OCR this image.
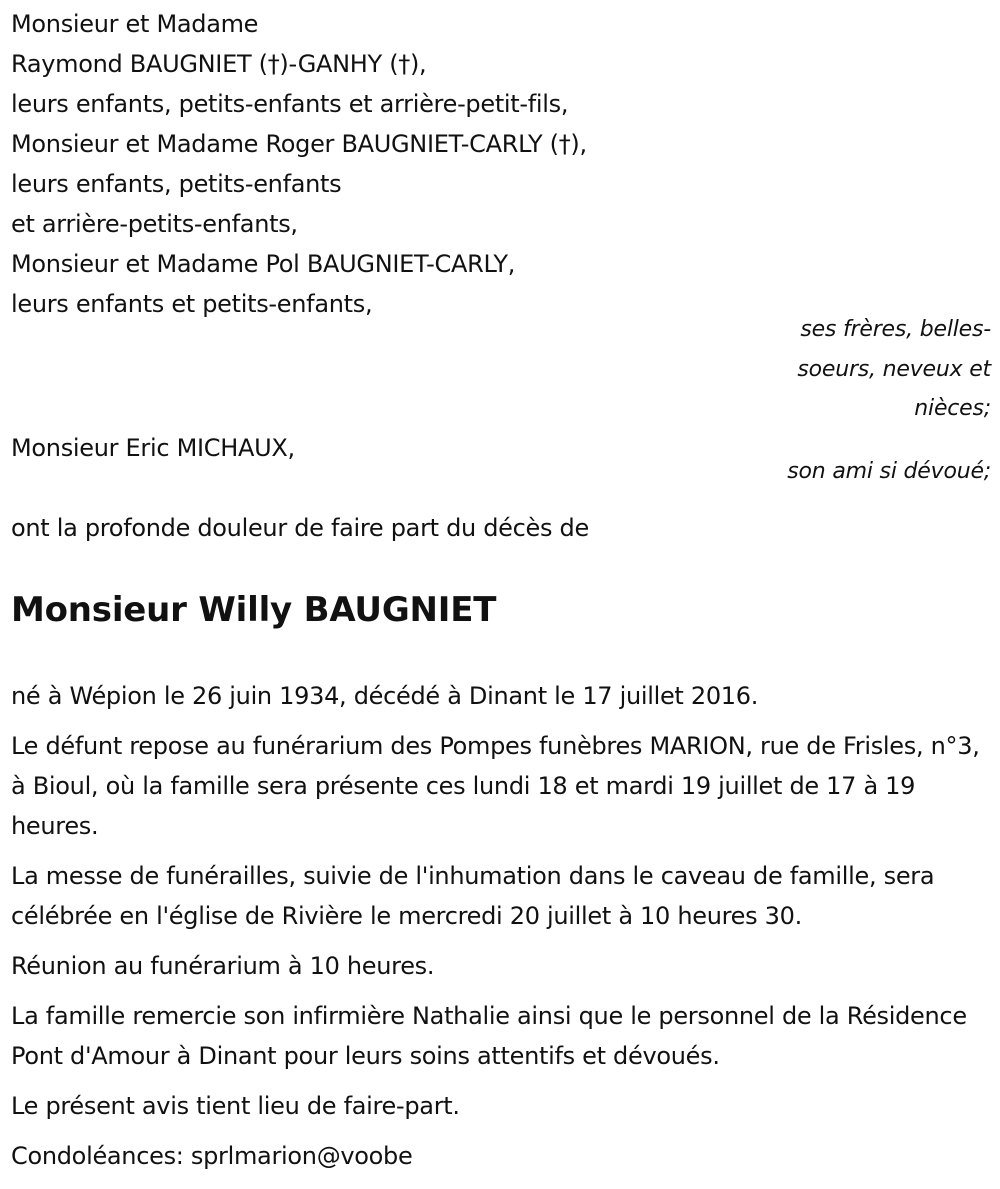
Monsieur et Madame
Raymond BAUGNIET (†)-GANHY (†),
leurs enfants, petits-enfants et arrière-petit-fils,
Monsieur et Madame Roger BAUGNIET-CARLY (†),
leurs enfants, petits-enfants
et arrière-petits-enfants,
Monsieur et Madame Pol BAUGNIET-CARLY,
leurs enfants et petits-enfants,
ses frères, belles-soeurs, neveux et nièces;
Monsieur Eric MICHAUX,
son ami si dévoué;
ont la profonde douleur de faire part du décès de
Monsieur Willy BAUGNIET

né à Wépion le 26 juin 1934, décédé à Dinant le 17 juillet 2016.

Le défunt repose au funérarium des Pompes funèbres MARION, rue de Frisles, n°3, à Bioul, où la famille sera présente ces lundi 18 et mardi 19 juillet de 17 à 19 heures.

La messe de funérailles, suivie de l'inhumation dans le caveau de famille, sera célébrée en l'église de Rivière le mercredi 20 juillet à 10 heures 30.

Réunion au funérarium à 10 heures.

La famille remercie son infirmière Nathalie ainsi que le personnel de la Résidence Pont d'Amour à Dinant pour leurs soins attentifs et dévoués.

Le présent avis tient lieu de faire-part.

Condoléances: sprlmarion@voobe
